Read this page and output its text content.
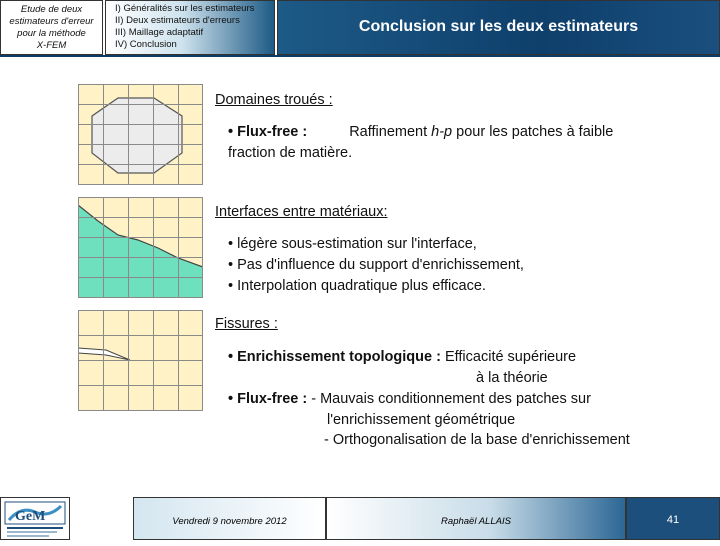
Etude de deux
estimateurs d'erreur
pour la méthode
X-FEM
I) Généralités sur les estimateurs
II) Deux estimateurs d'erreurs
III) Maillage adaptatif
IV) Conclusion
Conclusion sur les deux estimateurs
Domaines troués :
• Flux-free :	Raffinement h-p pour les patches à faible
fraction de matière.
Interfaces entre matériaux:
• légère sous-estimation sur l'interface,
• Pas d'influence du support d'enrichissement,
• Interpolation quadratique plus efficace.
Fissures :
• Enrichissement topologique : Efficacité supérieure
à la théorie
• Flux-free : - Mauvais conditionnement des patches sur
l'enrichissement géométrique
- Orthogonalisation de la base d'enrichissement
GeM	Vendredi 9 novembre 2012	Raphaël ALLAIS	41
